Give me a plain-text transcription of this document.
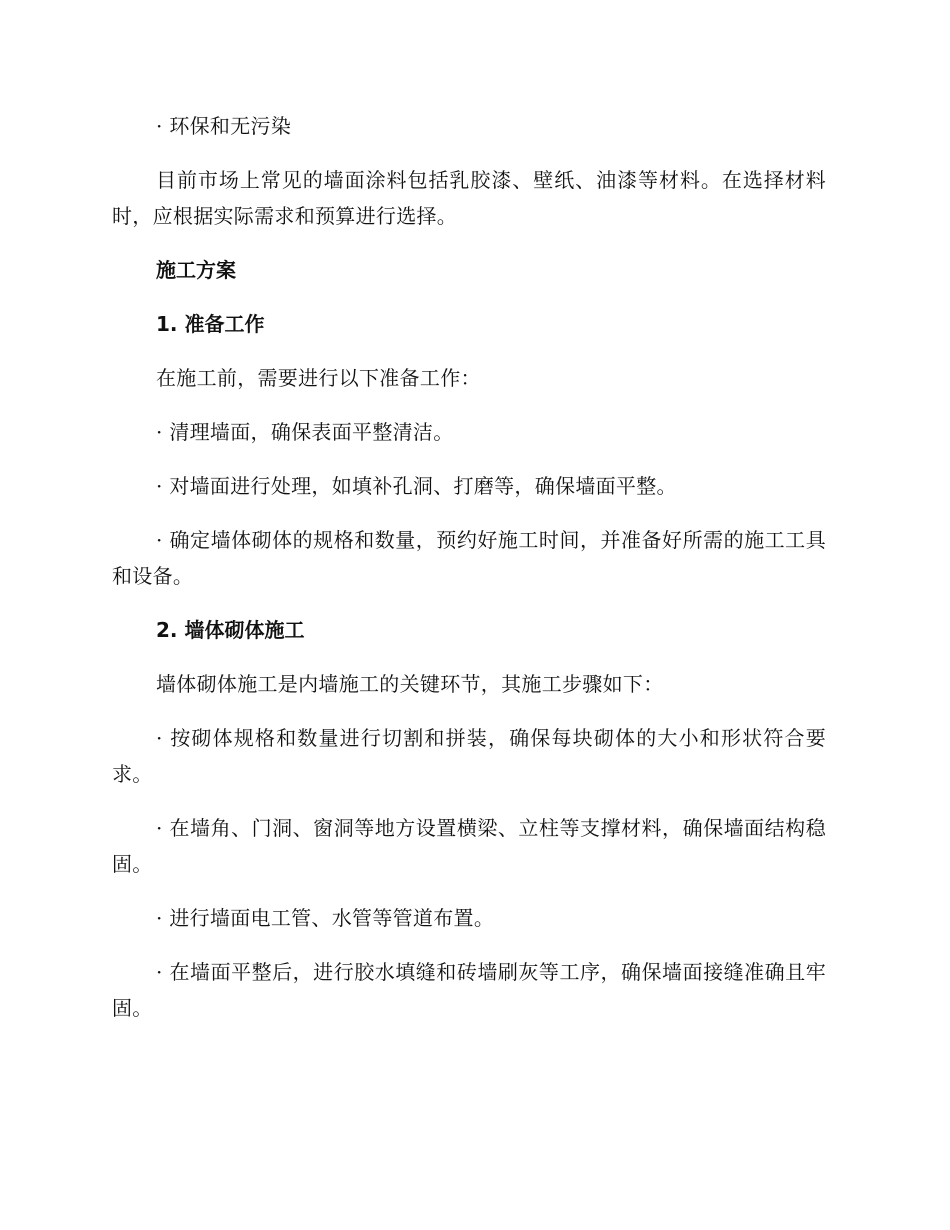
· 环保和无污染

目前市场上常见的墙面涂料包括乳胶漆、壁纸、油漆等材料。在选择材料时，应根据实际需求和预算进行选择。

施工方案

1. 准备工作

在施工前，需要进行以下准备工作：

· 清理墙面，确保表面平整清洁。

· 对墙面进行处理，如填补孔洞、打磨等，确保墙面平整。

· 确定墙体砌体的规格和数量，预约好施工时间，并准备好所需的施工工具和设备。

2. 墙体砌体施工

墙体砌体施工是内墙施工的关键环节，其施工步骤如下：

· 按砌体规格和数量进行切割和拼装，确保每块砌体的大小和形状符合要求。

· 在墙角、门洞、窗洞等地方设置横梁、立柱等支撑材料，确保墙面结构稳固。

· 进行墙面电工管、水管等管道布置。

· 在墙面平整后，进行胶水填缝和砖墙刷灰等工序，确保墙面接缝准确且牢固。
